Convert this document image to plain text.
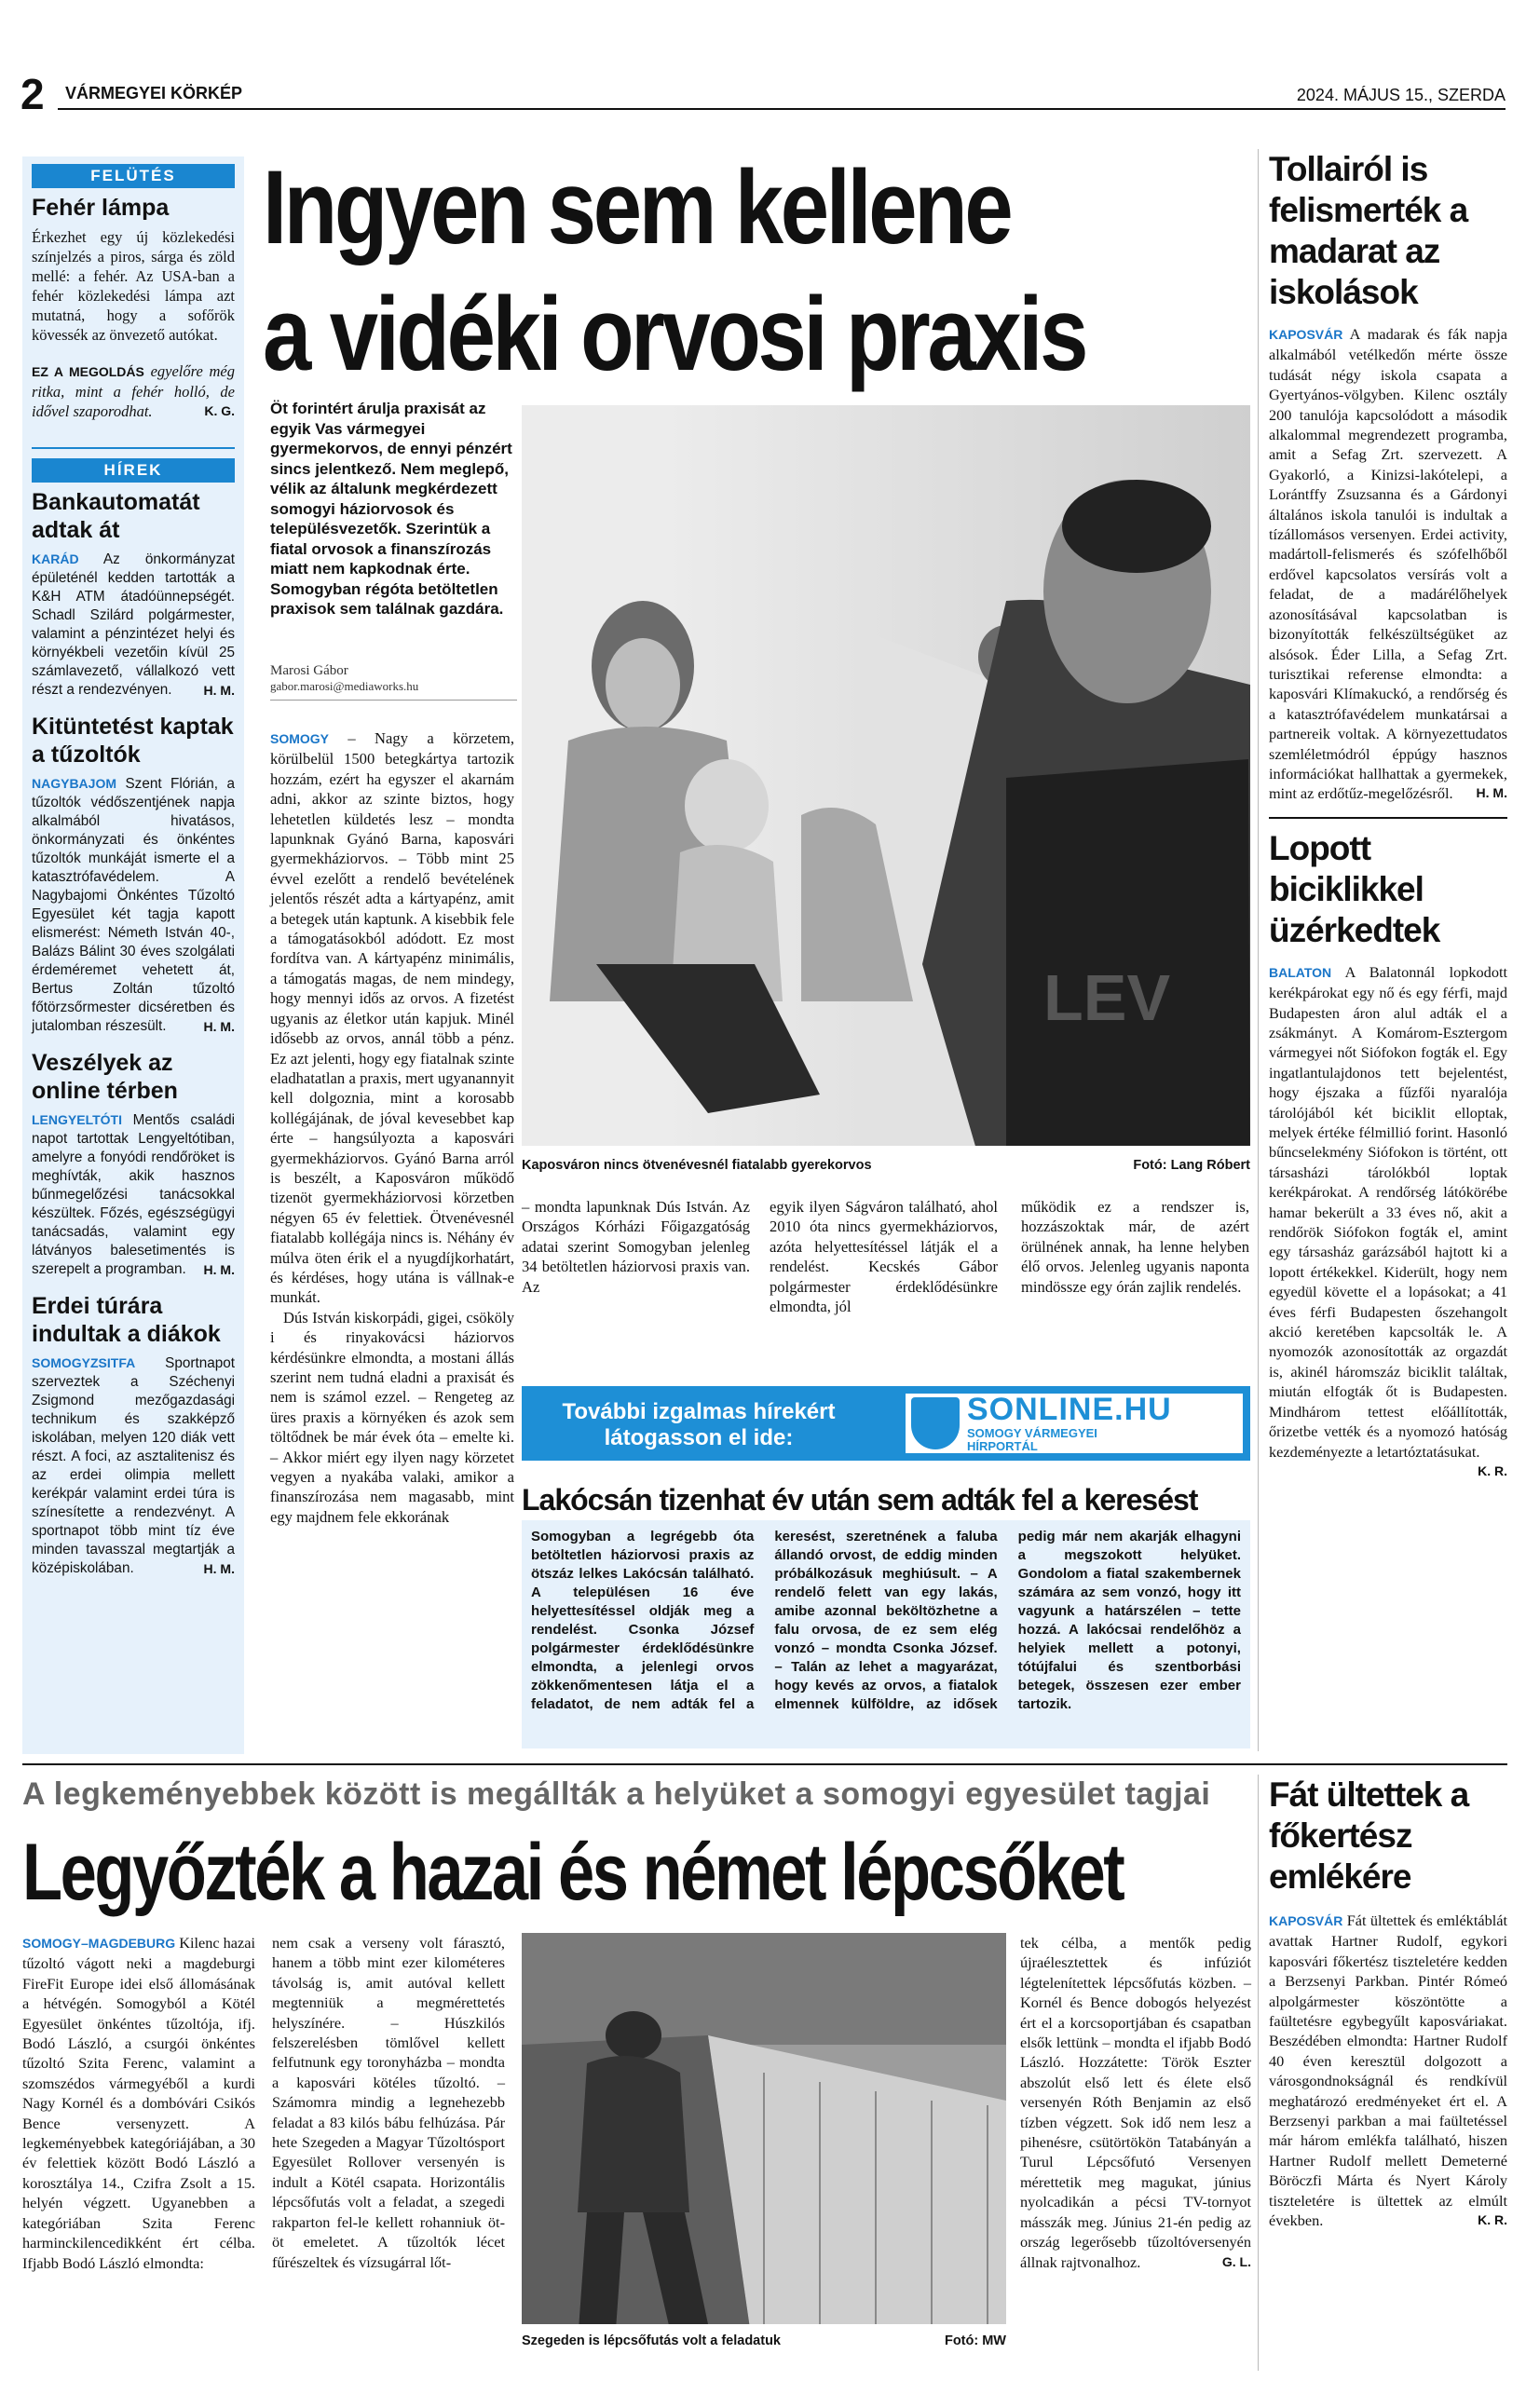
2 VÁRMEGYEI KÖRKÉP	2024. MÁJUS 15., SZERDA
FELÜTÉS
Fehér lámpa
Érkezhet egy új közlekedési színjelzés a piros, sárga és zöld mellé: a fehér. Az USA-ban a fehér közlekedési lámpa azt mutatná, hogy a sofőrök kövessék az önvezető autókat.
EZ A MEGOLDÁS egyelőre még ritka, mint a fehér holló, de idővel szaporodhat.	K. G.
HÍREK
Bankautomatát adtak át
KARÁD Az önkormányzat épületénél kedden tartották a K&H ATM átadóünnepségét. Schadl Szilárd polgármester, valamint a pénzintézet helyi és környékbeli vezetőin kívül 25 számlavezető, vállalkozó vett részt a rendezvényen. H. M.
Kitüntetést kaptak a tűzoltók
NAGYBAJOM Szent Flórián, a tűzoltók védőszentjének napja alkalmából hivatásos, önkormányzati és önkéntes tűzoltók munkáját ismerte el a katasztrófavédelem. A Nagybajomi Önkéntes Tűzoltó Egyesület két tagja kapott elismerést: Németh István 40-, Balázs Bálint 30 éves szolgálati érdeméremet vehetett át, Bertus Zoltán tűzoltó főtörzsőrmester dicséretben és jutalomban részesült.	H. M.
Veszélyek az online térben
LENGYELTÓTI Mentős családi napot tartottak Lengyeltótiban, amelyre a fonyódi rendőröket is meghívták, akik hasznos bűnmegelőzési tanácsokkal készültek. Főzés, egészségügyi tanácsadás, valamint egy látványos balesetimentés is szerepelt a programban. H. M.
Erdei túrára indultak a diákok
SOMOGYZSITFA Sportnapot szerveztek a Széchenyi Zsigmond mezőgazdasági technikum és szakképző iskolában, melyen 120 diák vett részt. A foci, az asztalitenisz és az erdei olimpia mellett kerékpár valamint erdei túra is színesítette a rendezvényt. A sportnapot több mint tíz éve minden tavasszal megtartják a középiskolában.	H. M.
Ingyen sem kellene
a vidéki orvosi praxis
Öt forintért árulja praxisát az egyik Vas vármegyei gyermekorvos, de ennyi pénzért sincs jelentkező. Nem meglepő, vélik az általunk megkérdezett somogyi háziorvosok és településvezetők. Szerintük a fiatal orvosok a finanszírozás miatt nem kapkodnak érte. Somogyban régóta betöltetlen praxisok sem találnak gazdára.
Marosi Gábor
gabor.marosi@mediaworks.hu
SOMOGY – Nagy a körzetem, körülbelül 1500 betegkártya tartozik hozzám, ezért ha egyszer el akarnám adni, akkor az szinte biztos, hogy lehetetlen küldetés lesz – mondta lapunknak Gyánó Barna, kaposvári gyermekháziorvos. – Több mint 25 évvel ezelőtt a rendelő bevételének jelentős részét adta a kártyapénz, amit a betegek után kaptunk. A kisebbik fele a támogatásokból adódott. Ez most fordítva van. A kártyapénz minimális, a támogatás magas, de nem mindegy, hogy mennyi idős az orvos. A fizetést ugyanis az életkor után kapjuk. Minél idősebb az orvos, annál több a pénz. Ez azt jelenti, hogy egy fiatalnak szinte eladhatatlan a praxis, mert ugyanannyit kell dolgoznia, mint a korosabb kollégájának, de jóval kevesebbet kap érte – hangsúlyozta a kaposvári gyermekháziorvos. Gyánó Barna arról is beszélt, a Kaposváron működő tizenöt gyermekháziorvosi körzetben négyen 65 év felettiek. Ötvenévesnél fiatalabb kollégája nincs is. Néhány év múlva öten érik el a nyugdíjkorhatárt, és kérdéses, hogy utána is vállnak-e munkát.

Dús István kiskorpádi, gigei, csököly i és rinyakovácsi háziorvos kérdésünkre elmondta, a mostani állás szerint nem tudná eladni a praxisát és nem is számol ezzel. – Rengeteg az üres praxis a környéken és azok sem töltődnek be már évek óta – emelte ki. – Akkor miért egy ilyen nagy körzetet vegyen a nyakába valaki, amikor a finanszírozása nem magasabb, mint egy majdnem fele ekkorának

LEV
Kaposváron nincs ötvenévesnél fiatalabb gyerekorvos	Fotó: Lang Róbert
– mondta lapunknak Dús István. Az Országos Kórházi Főigazgatóság adatai szerint Somogyban jelenleg 34 betöltetlen háziorvosi praxis van. Az
egyik ilyen Ságváron található, ahol 2010 óta nincs gyermekháziorvos, azóta helyettesítéssel látják el a rendelést. Kecskés Gábor polgármester érdeklődésünkre elmondta, jól
működik ez a rendszer is, hozzászoktak már, de azért örülnének annak, ha lenne helyben élő orvos. Jelenleg ugyanis naponta mindössze egy órán zajlik rendelés.
További izgalmas hírekért
látogasson el ide:
SONLINE.HU
SOMOGY VÁRMEGYEI
HÍRPORTÁL
Lakócsán tizenhat év után sem adták fel a keresést
Somogyban a legrégebb óta betöltetlen háziorvosi praxis az ötszáz lelkes Lakócsán található. A településen 16 éve helyettesítéssel oldják meg a rendelést. Csonka József polgármester érdeklődésünkre elmondta, a jelenlegi orvos zökkenőmentesen látja el a feladatot, de nem adták fel a keresést, szeretnének a faluba állandó orvost, de eddig minden próbálkozásuk meghiúsult. – A rendelő felett van egy lakás, amibe azonnal beköltözhetne a falu orvosa, de ez sem elég vonzó – mondta Csonka József. – Talán az lehet a magyarázat, hogy kevés az orvos, a fiatalok elmennek külföldre, az idősek pedig már nem akarják elhagyni a megszokott helyüket. Gondolom a fiatal szakembernek számára az sem vonzó, hogy itt vagyunk a határszélen – tette hozzá. A lakócsai rendelőhöz a helyiek mellett a potonyi, tótújfalui és szentborbási betegek, összesen ezer ember tartozik.
Tollairól is felismerték a madarat az iskolások
KAPOSVÁR A madarak és fák napja alkalmából vetélkedőn mérte össze tudását négy iskola csapata a Gyertyános-völgyben. Kilenc osztály 200 tanulója kapcsolódott a második alkalommal megrendezett programba, amit a Sefag Zrt. szervezett. A Gyakorló, a Kinizsi-lakótelepi, a Lorántffy Zsuzsanna és a Gárdonyi általános iskola tanulói is indultak a tízállomásos versenyen. Erdei activity, madártoll-felismerés és szófelhőből erdővel kapcsolatos versírás volt a feladat, de a madárélőhelyek azonosításával kapcsolatban is bizonyították felkészültségüket az alsósok. Éder Lilla, a Sefag Zrt. turisztikai referense elmondta: a kaposvári Klímakuckó, a rendőrség és a katasztrófavédelem munkatársai a partnereik voltak. A környezettudatos szemléletmódról éppúgy hasznos információkat hallhattak a gyermekek, mint az erdőtűz-megelőzésről. H. M.
Lopott biciklikkel üzérkedtek
BALATON A Balatonnál lopkodott kerékpárokat egy nő és egy férfi, majd Budapesten áron alul adták el a zsákmányt. A Komárom-Esztergom vármegyei nőt Siófokon fogták el. Egy ingatlantulajdonos tett bejelentést, hogy éjszaka a fűzfői nyaralója tárolójából két biciklit elloptak, melyek értéke félmillió forint. Hasonló bűncselekmény Siófokon is történt, ott társasházi tárolókból loptak kerékpárokat. A rendőrség látókörébe hamar bekerült a 33 éves nő, akit a rendőrök Siófokon fogták el, amint egy társasház garázsából hajtott ki a lopott értékekkel. Kiderült, hogy nem egyedül követte el a lopásokat; a 41 éves férfi Budapesten őszehangolt akció keretében kapcsolták le. A nyomozók azonosították az orgazdát is, akinél háromszáz biciklit találtak, miután elfogták őt is Budapesten. Mindhárom tettest előállították, őrizetbe vették és a nyomozó hatóság kezdeményezte a letartóztatásukat.
K. R.
A legkeményebbek között is megállták a helyüket a somogyi egyesület tagjai
Legyőzték a hazai és német lépcsőket
SOMOGY–MAGDEBURG Kilenc hazai tűzoltó vágott neki a magdeburgi FireFit Europe idei első állomásának a hétvégén. Somogyból a Kötél Egyesület önkéntes tűzoltója, ifj. Bodó László, a csurgói önkéntes tűzoltó Szita Ferenc, valamint a szomszédos vármegyéből a kurdi Nagy Kornél és a dombóvári Csikós Bence versenyzett. A legkeményebbek kategóriájában, a 30 év felettiek között Bodó László a korosztálya 14., Czifra Zsolt a 15. helyén végzett. Ugyanebben a kategóriában Szita Ferenc harminckilencedikként ért célba. Ifjabb Bodó László elmondta:
nem csak a verseny volt fárasztó, hanem a több mint ezer kilométeres távolság is, amit autóval kellett megtenniük a megmérettetés helyszínére. – Húszkilós felszerelésben tömlővel kellett felfutnunk egy toronyházba – mondta a kaposvári kötéles tűzoltó. – Számomra mindig a legnehezebb feladat a 83 kilós bábu felhúzása. Pár hete Szegeden a Magyar Tűzoltósport Egyesület Rollover versenyén is indult a Kötél csapata. Horizontális lépcsőfutás volt a feladat, a szegedi rakparton fel-le kellett rohanniuk öt-öt emeletet. A tűzoltók lécet fűrészeltek és vízsugárral lőt-
Szegeden is lépcsőfutás volt a feladatuk	Fotó: MW
tek célba, a mentők pedig újraélesztettek és infúziót légtelenítettek lépcsőfutás közben. – Kornél és Bence dobogós helyezést ért el a korcsoportjában és csapatban elsők lettünk – mondta el ifjabb Bodó László. Hozzátette: Török Eszter abszolút első lett és élete első versenyén Róth Benjamin az első tízben végzett. Sok idő nem lesz a pihenésre, csütörtökön Tatabányán a Turul Lépcsőfutó Versenyen mérettetik meg magukat, június nyolcadikán a pécsi TV-tornyot másszák meg. Június 21-én pedig az ország legerősebb tűzoltóversenyén állnak rajtvonalhoz.	G. L.
Fát ültettek a főkertész emlékére
KAPOSVÁR Fát ültettek és emléktáblát avattak Hartner Rudolf, egykori kaposvári főkertész tiszteletére kedden a Berzsenyi Parkban. Pintér Rómeó alpolgármester köszöntötte a faültetésre egybegyűlt kaposváriakat. Beszédében elmondta: Hartner Rudolf 40 éven keresztül dolgozott a városgondnokságnál és rendkívül meghatározó eredményeket ért el. A Berzsenyi parkban a mai faültetéssel már három emlékfa található, hiszen Hartner Rudolf mellett Demeterné Böröczfi Márta és Nyert Károly tiszteletére is ültettek az elmúlt években.	K. R.
